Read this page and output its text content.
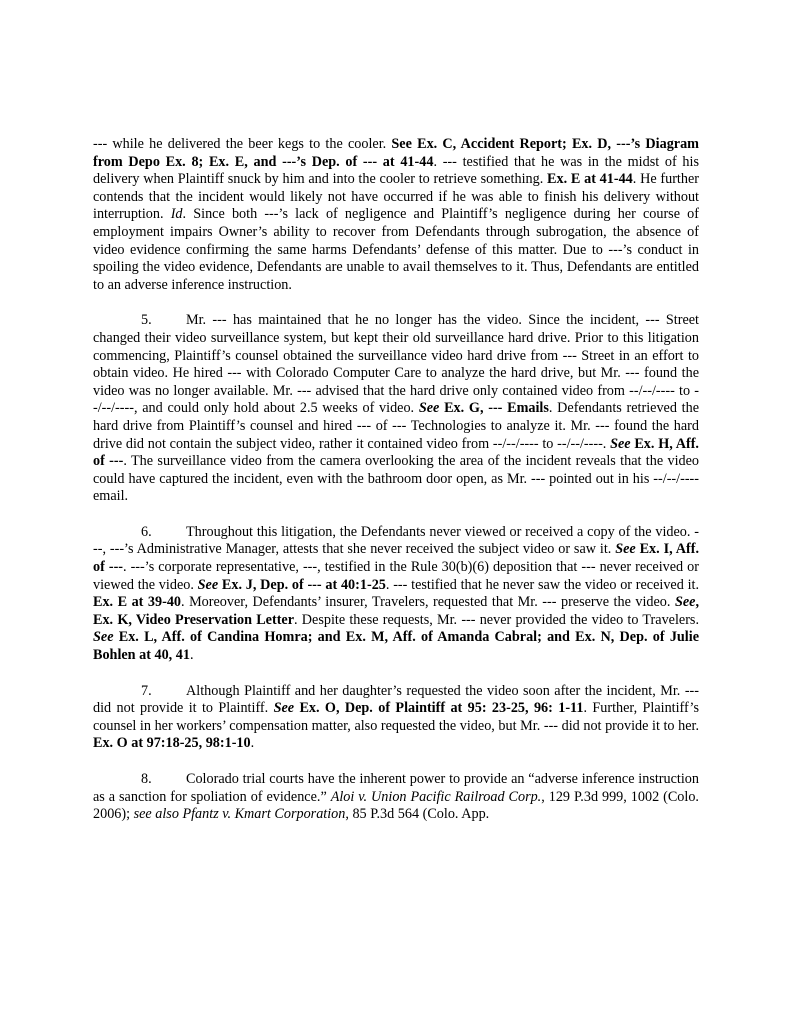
--- while he delivered the beer kegs to the cooler. See Ex. C, Accident Report; Ex. D, ---’s Diagram from Depo Ex. 8; Ex. E, and ---’s Dep. of --- at 41-44. --- testified that he was in the midst of his delivery when Plaintiff snuck by him and into the cooler to retrieve something. Ex. E at 41-44. He further contends that the incident would likely not have occurred if he was able to finish his delivery without interruption. Id. Since both ---’s lack of negligence and Plaintiff’s negligence during her course of employment impairs Owner’s ability to recover from Defendants through subrogation, the absence of video evidence confirming the same harms Defendants’ defense of this matter. Due to ---’s conduct in spoiling the video evidence, Defendants are unable to avail themselves to it. Thus, Defendants are entitled to an adverse inference instruction.

5. Mr. --- has maintained that he no longer has the video. Since the incident, --- Street changed their video surveillance system, but kept their old surveillance hard drive. Prior to this litigation commencing, Plaintiff’s counsel obtained the surveillance video hard drive from --- Street in an effort to obtain video. He hired --- with Colorado Computer Care to analyze the hard drive, but Mr. --- found the video was no longer available. Mr. --- advised that the hard drive only contained video from --/--/---- to --/--/----, and could only hold about 2.5 weeks of video. See Ex. G, --- Emails. Defendants retrieved the hard drive from Plaintiff’s counsel and hired --- of --- Technologies to analyze it. Mr. --- found the hard drive did not contain the subject video, rather it contained video from --/--/---- to --/--/----. See Ex. H, Aff. of ---. The surveillance video from the camera overlooking the area of the incident reveals that the video could have captured the incident, even with the bathroom door open, as Mr. --- pointed out in his --/--/---- email.

6. Throughout this litigation, the Defendants never viewed or received a copy of the video. ---, ---’s Administrative Manager, attests that she never received the subject video or saw it. See Ex. I, Aff. of ---. ---’s corporate representative, ---, testified in the Rule 30(b)(6) deposition that --- never received or viewed the video. See Ex. J, Dep. of --- at 40:1-25. --- testified that he never saw the video or received it. Ex. E at 39-40. Moreover, Defendants’ insurer, Travelers, requested that Mr. --- preserve the video. See, Ex. K, Video Preservation Letter. Despite these requests, Mr. --- never provided the video to Travelers. See Ex. L, Aff. of Candina Homra; and Ex. M, Aff. of Amanda Cabral; and Ex. N, Dep. of Julie Bohlen at 40, 41.

7. Although Plaintiff and her daughter’s requested the video soon after the incident, Mr. --- did not provide it to Plaintiff. See Ex. O, Dep. of Plaintiff at 95: 23-25, 96: 1-11. Further, Plaintiff’s counsel in her workers’ compensation matter, also requested the video, but Mr. --- did not provide it to her. Ex. O at 97:18-25, 98:1-10.

8. Colorado trial courts have the inherent power to provide an “adverse inference instruction as a sanction for spoliation of evidence.” Aloi v. Union Pacific Railroad Corp., 129 P.3d 999, 1002 (Colo. 2006); see also Pfantz v. Kmart Corporation, 85 P.3d 564 (Colo. App.
